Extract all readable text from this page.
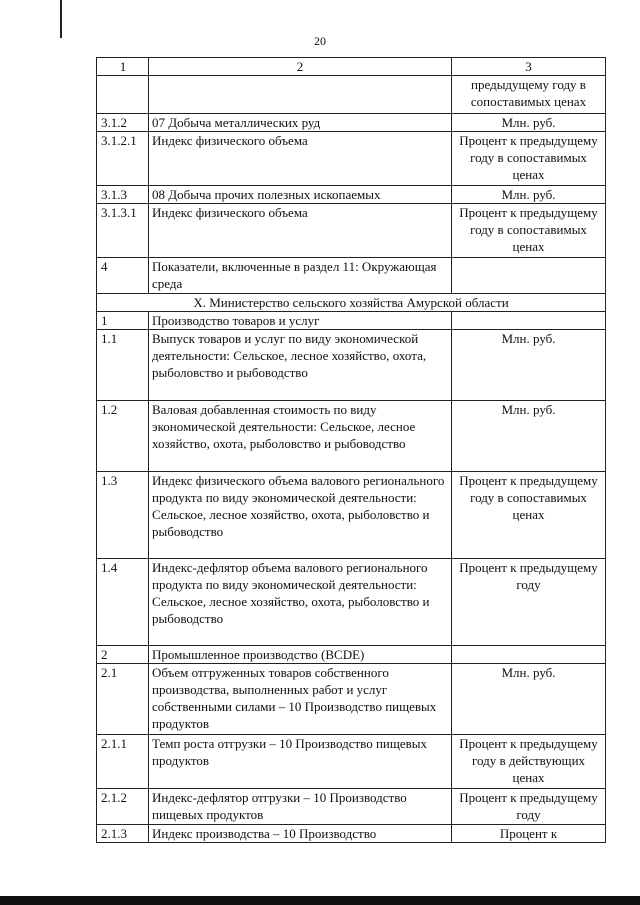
20
1	2	3
		предыдущему году в сопоставимых ценах
3.1.2	07 Добыча металлических руд	Млн. руб.
3.1.2.1	Индекс физического объема	Процент к предыдущему году в сопоставимых ценах
3.1.3	08 Добыча прочих полезных ископаемых	Млн. руб.
3.1.3.1	Индекс физического объема	Процент к предыдущему году в сопоставимых ценах
4	Показатели, включенные в раздел 11: Окружающая среда	
X. Министерство сельского хозяйства Амурской области		
1	Производство товаров и услуг	
1.1	Выпуск товаров и услуг по виду экономической деятельности: Сельское, лесное хозяйство, охота, рыболовство и рыбоводство	Млн. руб.
1.2	Валовая добавленная стоимость по виду экономической деятельности: Сельское, лесное хозяйство, охота, рыболовство и рыбоводство	Млн. руб.
1.3	Индекс физического объема валового регионального продукта по виду экономической деятельности: Сельское, лесное хозяйство, охота, рыболовство и рыбоводство	Процент к предыдущему году в сопоставимых ценах
1.4	Индекс-дефлятор объема валового регионального продукта по виду экономической деятельности: Сельское, лесное хозяйство, охота, рыболовство и рыбоводство	Процент к предыдущему году
2	Промышленное производство (BCDE)	
2.1	Объем отгруженных товаров собственного производства, выполненных работ и услуг собственными силами – 10 Производство пищевых продуктов	Млн. руб.
2.1.1	Темп роста отгрузки – 10 Производство пищевых продуктов	Процент к предыдущему году в действующих ценах
2.1.2	Индекс-дефлятор отгрузки – 10 Производство пищевых продуктов	Процент к предыдущему году
2.1.3	Индекс производства – 10 Производство	Процент к
